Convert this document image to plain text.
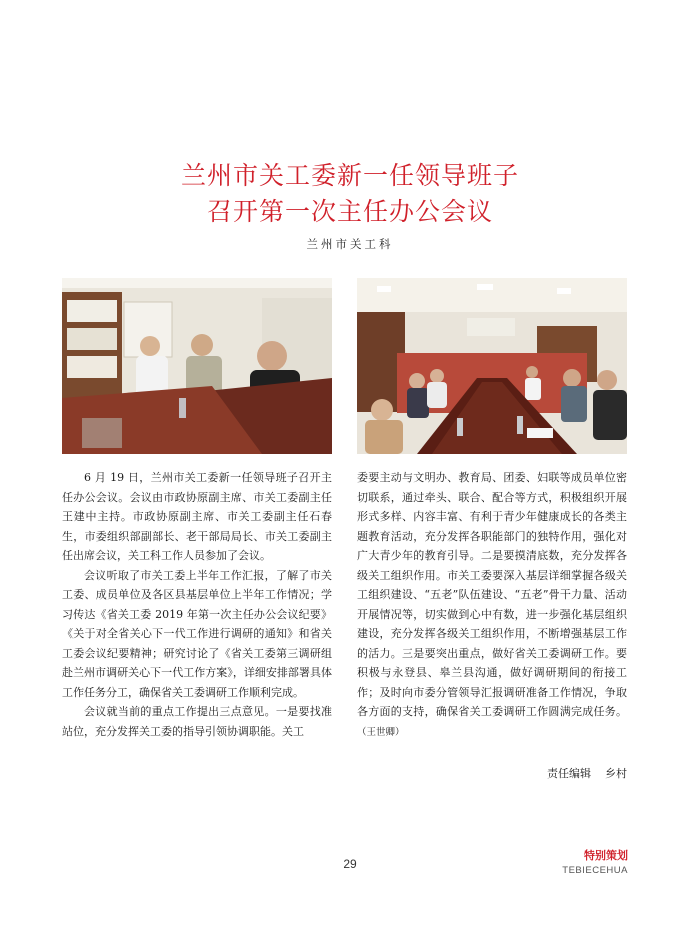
兰州市关工委新一任领导班子
召开第一次主任办公会议
兰州市关工科

6 月 19 日，兰州市关工委新一任领导班子召开主任办公会议。会议由市政协原副主席、市关工委副主任王建中主持。市政协原副主席、市关工委副主任石春生，市委组织部副部长、老干部局局长、市关工委副主任出席会议，关工科工作人员参加了会议。

会议听取了市关工委上半年工作汇报，了解了市关工委、成员单位及各区县基层单位上半年工作情况；学习传达《省关工委 2019 年第一次主任办公会议纪要》《关于对全省关心下一代工作进行调研的通知》和省关工委会议纪要精神；研究讨论了《省关工委第三调研组赴兰州市调研关心下一代工作方案》，详细安排部署具体工作任务分工，确保省关工委调研工作顺利完成。

会议就当前的重点工作提出三点意见。一是要找准站位，充分发挥关工委的指导引领协调职能。关工

委要主动与文明办、教育局、团委、妇联等成员单位密切联系，通过牵头、联合、配合等方式，积极组织开展形式多样、内容丰富、有利于青少年健康成长的各类主题教育活动，充分发挥各职能部门的独特作用，强化对广大青少年的教育引导。二是要摸清底数，充分发挥各级关工组织作用。市关工委要深入基层详细掌握各级关工组织建设、“五老”队伍建设、“五老”骨干力量、活动开展情况等，切实做到心中有数，进一步强化基层组织建设，充分发挥各级关工组织作用，不断增强基层工作的活力。三是要突出重点，做好省关工委调研工作。要积极与永登县、皋兰县沟通，做好调研期间的衔接工作；及时向市委分管领导汇报调研准备工作情况，争取各方面的支持，确保省关工委调研工作圆满完成任务。（王世卿）

责任编辑 乡村
29
特别策划
TEBIECEHUA
